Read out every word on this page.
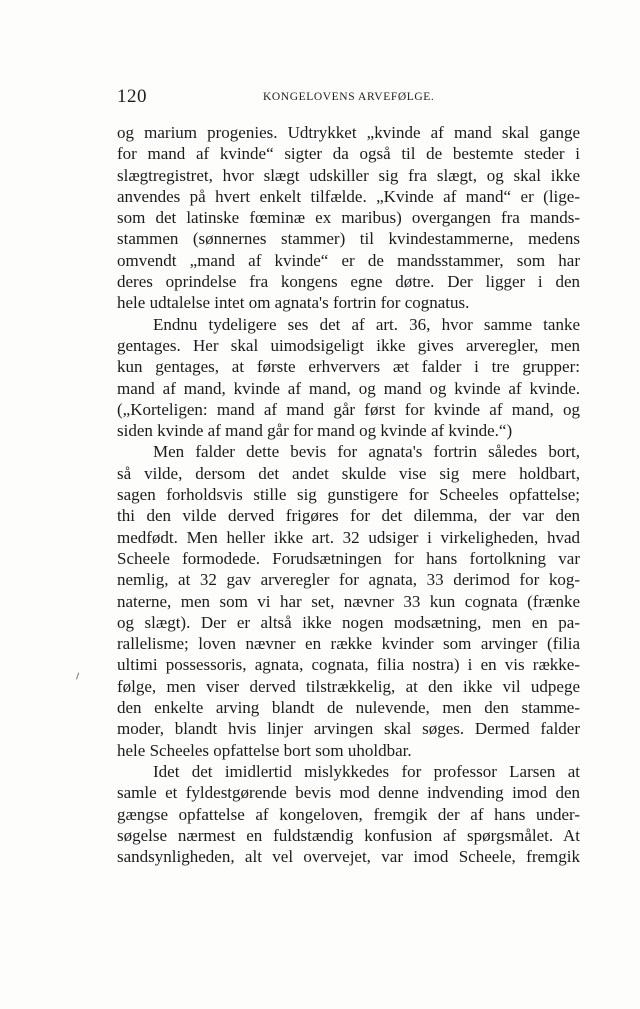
120	KONGELOVENS ARVEFØLGE.
og marium progenies. Udtrykket „kvinde af mand skal gange
for mand af kvinde“ sigter da også til de bestemte steder i
slægtregistret, hvor slægt udskiller sig fra slægt, og skal ikke
anvendes på hvert enkelt tilfælde. „Kvinde af mand“ er (lige-
som det latinske fœminæ ex maribus) overgangen fra mands-
stammen (sønnernes stammer) til kvindestammerne, medens
omvendt „mand af kvinde“ er de mandsstammer, som har
deres oprindelse fra kongens egne døtre. Der ligger i den
hele udtalelse intet om agnata's fortrin for cognatus.
Endnu tydeligere ses det af art. 36, hvor samme tanke
gentages. Her skal uimodsigeligt ikke gives arveregler, men
kun gentages, at første erhververs æt falder i tre grupper:
mand af mand, kvinde af mand, og mand og kvinde af kvinde.
(„Korteligen: mand af mand går først for kvinde af mand, og
siden kvinde af mand går for mand og kvinde af kvinde.“)
Men falder dette bevis for agnata's fortrin således bort,
så vilde, dersom det andet skulde vise sig mere holdbart,
sagen forholdsvis stille sig gunstigere for Scheeles opfattelse;
thi den vilde derved frigøres for det dilemma, der var den
medfødt. Men heller ikke art. 32 udsiger i virkeligheden, hvad
Scheele formodede. Forudsætningen for hans fortolkning var
nemlig, at 32 gav arveregler for agnata, 33 derimod for kog-
naterne, men som vi har set, nævner 33 kun cognata (frænke
og slægt). Der er altså ikke nogen modsætning, men en pa-
rallelisme; loven nævner en række kvinder som arvinger (filia
ultimi possessoris, agnata, cognata, filia nostra) i en vis række-
følge, men viser derved tilstrækkelig, at den ikke vil udpege
den enkelte arving blandt de nulevende, men den stamme-
moder, blandt hvis linjer arvingen skal søges. Dermed falder
hele Scheeles opfattelse bort som uholdbar.
Idet det imidlertid mislykkedes for professor Larsen at
samle et fyldestgørende bevis mod denne indvending imod den
gængse opfattelse af kongeloven, fremgik der af hans under-
søgelse nærmest en fuldstændig konfusion af spørgsmålet. At
sandsynligheden, alt vel overvejet, var imod Scheele, fremgik
